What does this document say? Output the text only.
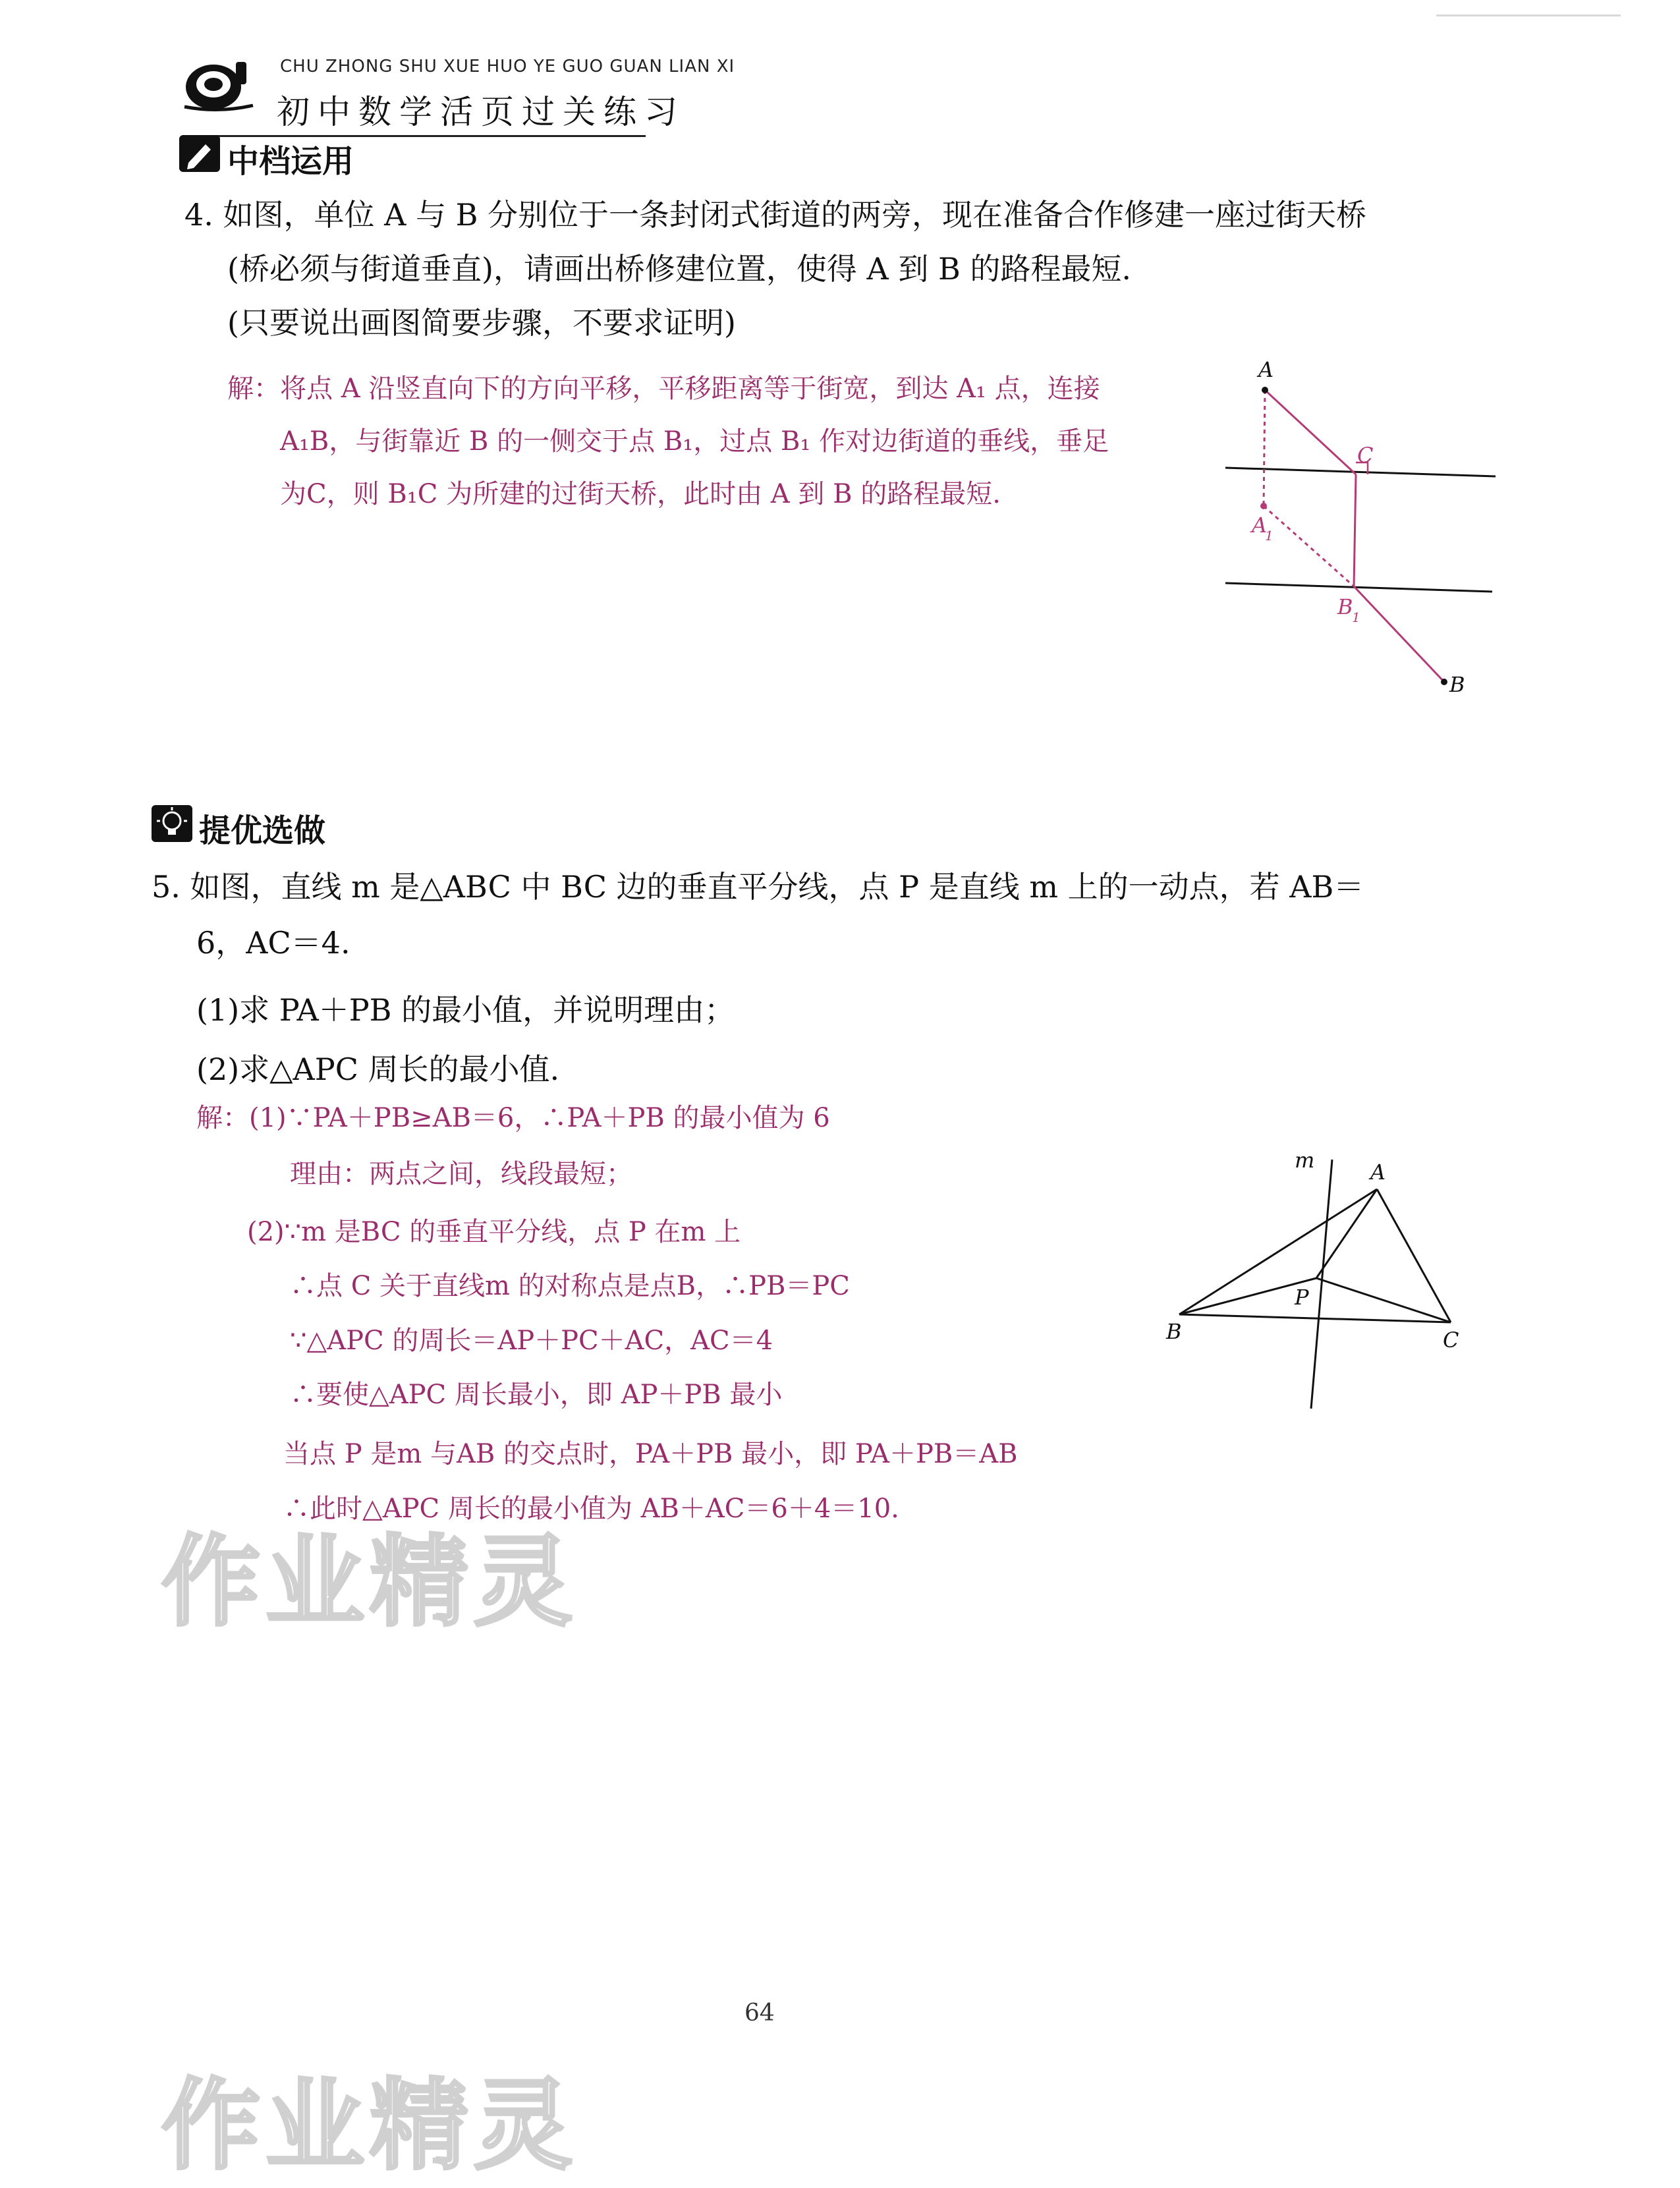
CHU ZHONG SHU XUE HUO YE GUO GUAN LIAN XI
初中数学活页过关练习
中档运用
4. 如图，单位 A 与 B 分别位于一条封闭式街道的两旁，现在准备合作修建一座过街天桥
(桥必须与街道垂直)，请画出桥修建位置，使得 A 到 B 的路程最短.
(只要说出画图简要步骤，不要求证明)
解：将点 A 沿竖直向下的方向平移，平移距离等于街宽，到达 A₁ 点，连接
A₁B，与街靠近 B 的一侧交于点 B₁，过点 B₁ 作对边街道的垂线，垂足
为C，则 B₁C 为所建的过街天桥，此时由 A 到 B 的路程最短.
A
C
A
1
B
1
B
提优选做
5. 如图，直线 m 是△ABC 中 BC 边的垂直平分线，点 P 是直线 m 上的一动点，若 AB＝
6，AC＝4.
(1)求 PA＋PB 的最小值，并说明理由；
(2)求△APC 周长的最小值.
解：(1)∵PA＋PB≥AB＝6，∴PA＋PB 的最小值为 6
理由：两点之间，线段最短；
(2)∵m 是BC 的垂直平分线，点 P 在m 上
∴点 C 关于直线m 的对称点是点B，∴PB＝PC
∵△APC 的周长＝AP＋PC＋AC，AC＝4
∴要使△APC 周长最小，即 AP＋PB 最小
当点 P 是m 与AB 的交点时，PA＋PB 最小，即 PA＋PB＝AB
∴此时△APC 周长的最小值为 AB＋AC＝6＋4＝10.
m	A
P
B	C
作业精灵
作业精灵
64
